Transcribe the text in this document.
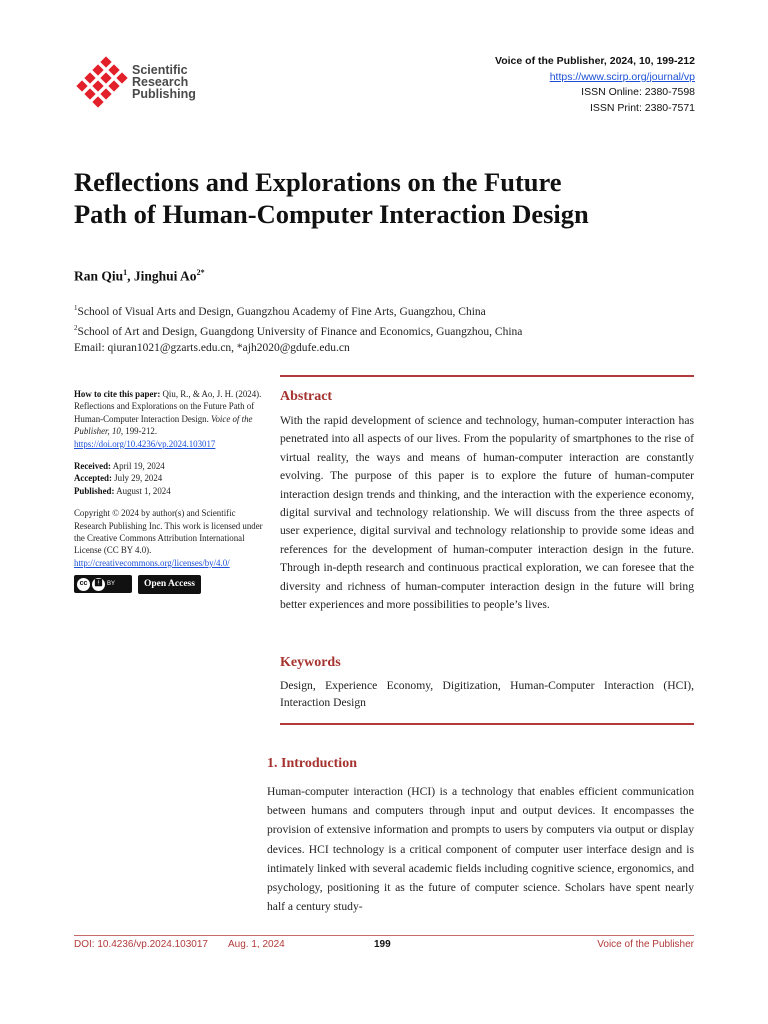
Scientific
Research
Publishing
Voice of the Publisher, 2024, 10, 199-212
https://www.scirp.org/journal/vp
ISSN Online: 2380-7598
ISSN Print: 2380-7571
Reflections and Explorations on the Future
Path of Human-Computer Interaction Design
Ran Qiu$^1$, Jinghui $Ao^{2*}$
$^1$School of Visual Arts and Design, Guangzhou Academy of Fine Arts, Guangzhou, China
$^2$School of Art and Design, Guangdong University of Finance and Economics, Guangzhou, China
Email: qiuran1021@gzarts.edu.cn, *ajh2020@gdufe.edu.cn

How to cite this paper: Qiu, R., & Ao, J. H. (2024). Reflections and Explorations on the Future Path of Human-Computer Interaction Design. Voice of the Publisher, 10, 199-212.
https://doi.org/10.4236/vp.2024.103017

Received: April 19, 2024
Accepted: July 29, 2024
Published: August 1, 2024

Copyright © 2024 by author(s) and Scientific Research Publishing Inc. This work is licensed under the Creative Commons Attribution International License (CC BY 4.0).
http://creativecommons.org/licenses/by/4.0/

cc 🚹︎ BY	Open Access
Abstract
With the rapid development of science and technology, human-computer interaction has penetrated into all aspects of our lives. From the popularity of smartphones to the rise of virtual reality, the ways and means of human-computer interaction are constantly evolving. The purpose of this paper is to explore the future of human-computer interaction design trends and thinking, and the interaction with the experience economy, digital survival and technology relationship. We will discuss from the three aspects of user experience, digital survival and technology relationship to provide some ideas and references for the development of human-computer interaction design in the future. Through in-depth research and continuous practical exploration, we can foresee that the diversity and richness of human-computer interaction design in the future will bring better experiences and more possibilities to people’s lives.
Keywords
Design, Experience Economy, Digitization, Human-Computer Interaction (HCI), Interaction Design
1. Introduction
Human-computer interaction (HCI) is a technology that enables efficient communication between humans and computers through input and output devices. It encompasses the provision of extensive information and prompts to users by computers via output or display devices. HCI technology is a critical component of computer user interface design and is intimately linked with several academic fields including cognitive science, ergonomics, and psychology, positioning it as the future of computer science. Scholars have spent nearly half a century study-
DOI: 10.4236/vp.2024.103017 Aug. 1, 2024	199	Voice of the Publisher
